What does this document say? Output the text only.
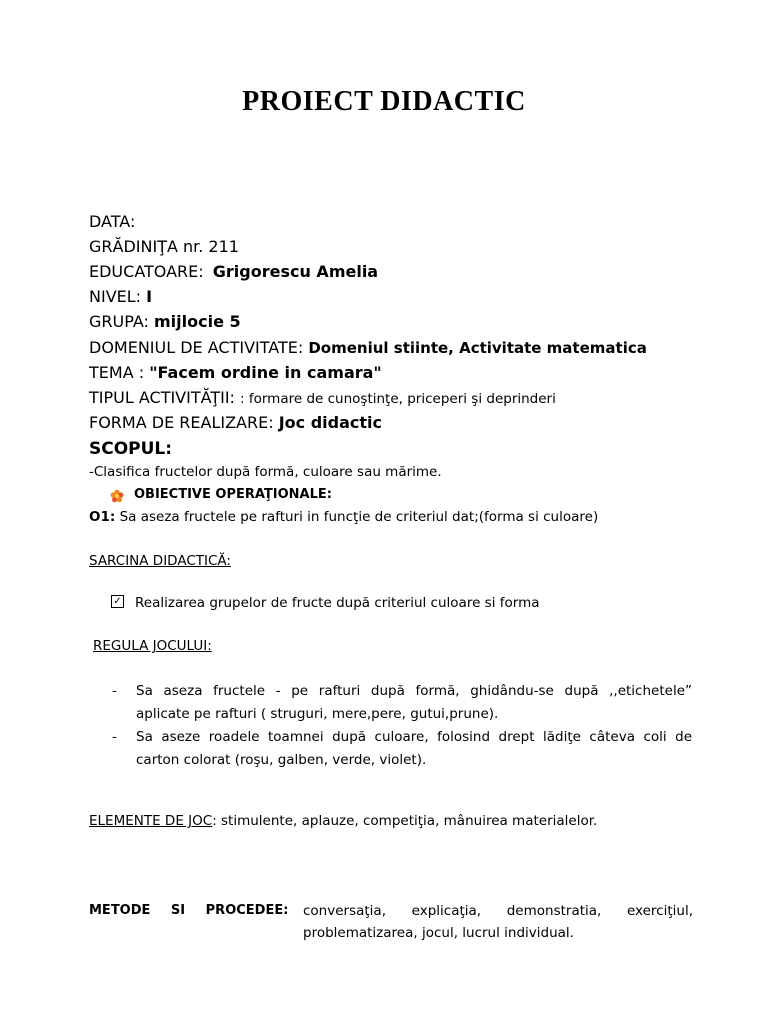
PROIECT DIDACTIC
DATA:
GRĂDINIŢA nr. 211
EDUCATOARE: Grigorescu Amelia
NIVEL: I
GRUPA: mijlocie 5
DOMENIUL DE ACTIVITATE: Domeniul stiinte, Activitate matematica
TEMA : "Facem ordine in camara"
TIPUL ACTIVITĂŢII: : formare de cunoştinţe, priceperi şi deprinderi
FORMA DE REALIZARE: Joc didactic
SCOPUL:
-Clasifica fructelor după formă, culoare sau mărime.
OBIECTIVE OPERAŢIONALE:
O1: Sa aseza fructele pe rafturi in funcţie de criteriul dat;(forma si culoare)
SARCINA DIDACTICĂ:
✓ Realizarea grupelor de fructe după criteriul culoare si forma
REGULA JOCULUI:
- Sa aseza fructele - pe rafturi după formă, ghidându-se după ,,etichetele”
aplicate pe rafturi ( struguri, mere,pere, gutui,prune).
- Sa aseze roadele toamnei după culoare, folosind drept lădiţe câteva coli de
carton colorat (roşu, galben, verde, violet).
ELEMENTE DE JOC: stimulente, aplauze, competiţia, mânuirea materialelor.
METODE SI PROCEDEE: conversaţia, explicaţia, demonstratia, exerciţiul,
problematizarea, jocul, lucrul individual.
